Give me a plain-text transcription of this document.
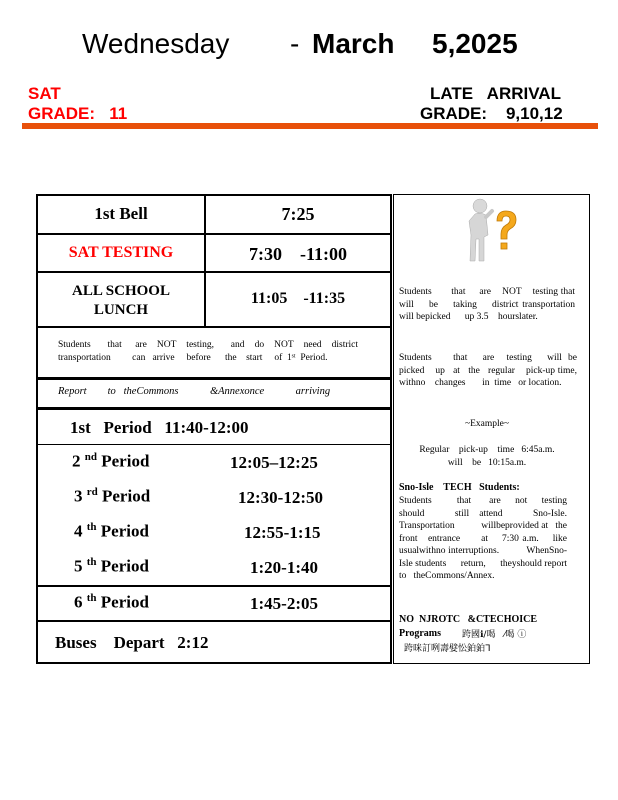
Wednesday - March 5,2025
SAT
GRADE:   11
LATE   ARRIVAL
GRADE:    9,10,12
1st Bell	7:25
SAT TESTING	7:30    -11:00
ALL SCHOOL
LUNCH
11:05    -11:35
Students     that    are   NOT   testing,     and   do   NOT   need   district transportation         can   arrive     before      the    start     of  1ˢᵗ  Period.
Report        to   theCommons            &Annexonce            arriving
1st   Period   11:40-12:00
2 $^{nd}$ Period	12:05–12:25
3 $^{rd}$ Period	12:30-12:50
4 $^{th}$ Period	12:55-1:15
5 $^{th}$ Period	1:20-1:40
6 $^{th}$ Period	1:45-2:05
Buses    Depart   2:12
Students       that     are    NOT    testing that     will    be    taking    district transportation         will bepicked      up 3.5    hourslater.
Students       that     are    testing     will  be picked    up   at   the   regular    pick-up time,     withno    changes       in  time   or location.
~Example~
Regular    pick-up    time   6:45a.m.
will    be   10:15a.m.
Sno-Isle    TECH   Students:
Students       that     are    not    testing should      still  attend      Sno-Isle. Transportation           willbeprovided at   the   front   entrance      at    7:30 a.m.    like   usualwithno interruptions.          WhenSno-Isle students      return,      theyshould report     to   theCommons/Annex.
NO  NJROTC   &CTECHOICE
Programs	跨國ℹ︎/喝   ⁄喝 ⓘ
跨咪訂咧壽嬖忪鉑鉑ᒣ
